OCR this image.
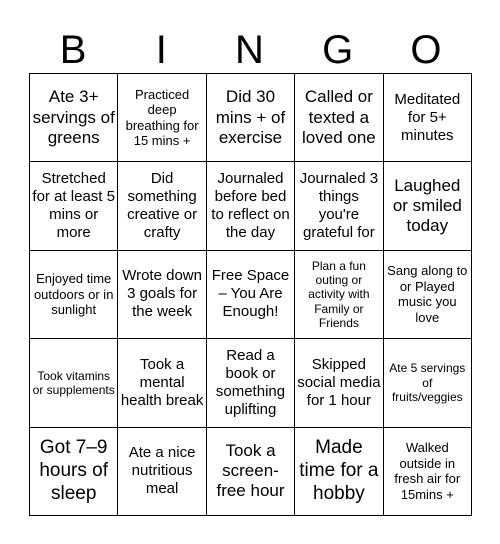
B	I	N	G	O
Ate 3+ servings of greens
Practiced deep breathing for 15 mins +
Did 30 mins + of exercise
Called or texted a loved one
Meditated for 5+ minutes
Stretched for at least 5 mins or more
Did something creative or crafty
Journaled before bed to reflect on the day
Journaled 3 things you're grateful for
Laughed or smiled today
Enjoyed time outdoors or in sunlight
Wrote down 3 goals for the week
Free Space – You Are Enough!
Plan a fun outing or activity with Family or Friends
Sang along to or Played music you love
Took vitamins or supplements
Took a mental health break
Read a book or something uplifting
Skipped social media for 1 hour
Ate 5 servings of fruits/veggies
Got 7–9 hours of sleep
Ate a nice nutritious meal
Took a screen-free hour
Made time for a hobby
Walked outside in fresh air for 15mins +
